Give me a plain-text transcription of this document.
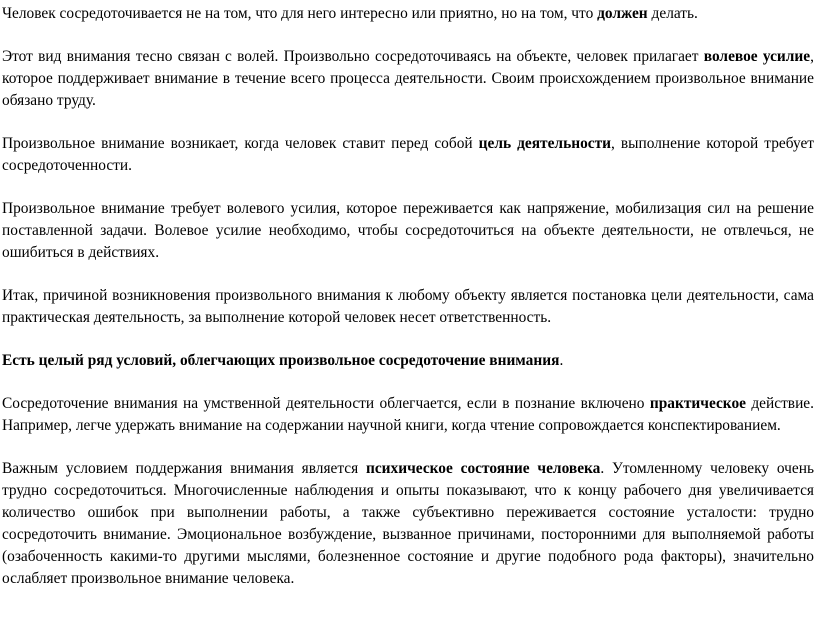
Человек сосредоточивается не на том, что для него интересно или приятно, но на том, что должен делать.

Этот вид внимания тесно связан с волей. Произвольно сосредоточиваясь на объекте, человек прилагает волевое усилие, которое поддерживает внимание в течение всего процесса деятельности. Своим происхождением произвольное внимание обязано труду.

Произвольное внимание возникает, когда человек ставит перед собой цель деятельности, выполнение которой требует сосредоточенности.

Произвольное внимание требует волевого усилия, которое переживается как напряжение, мобилизация сил на решение поставленной задачи. Волевое усилие необходимо, чтобы сосредоточиться на объекте деятельности, не отвлечься, не ошибиться в действиях.

Итак, причиной возникновения произвольного внимания к любому объекту является постановка цели деятельности, сама практическая деятельность, за выполнение которой человек несет ответственность.

Есть целый ряд условий, облегчающих произвольное сосредоточение внимания.

Сосредоточение внимания на умственной деятельности облегчается, если в познание включено практическое действие. Например, легче удержать внимание на содержании научной книги, когда чтение сопровождается конспектированием.

Важным условием поддержания внимания является психическое состояние человека. Утомленному человеку очень трудно сосредоточиться. Многочисленные наблюдения и опыты показывают, что к концу рабочего дня увеличивается количество ошибок при выполнении работы, а также субъективно переживается состояние усталости: трудно сосредоточить внимание. Эмоциональное возбуждение, вызванное причинами, посторонними для выполняемой работы (озабоченность какими-то другими мыслями, болезненное состояние и другие подобного рода факторы), значительно ослабляет произвольное внимание человека.
